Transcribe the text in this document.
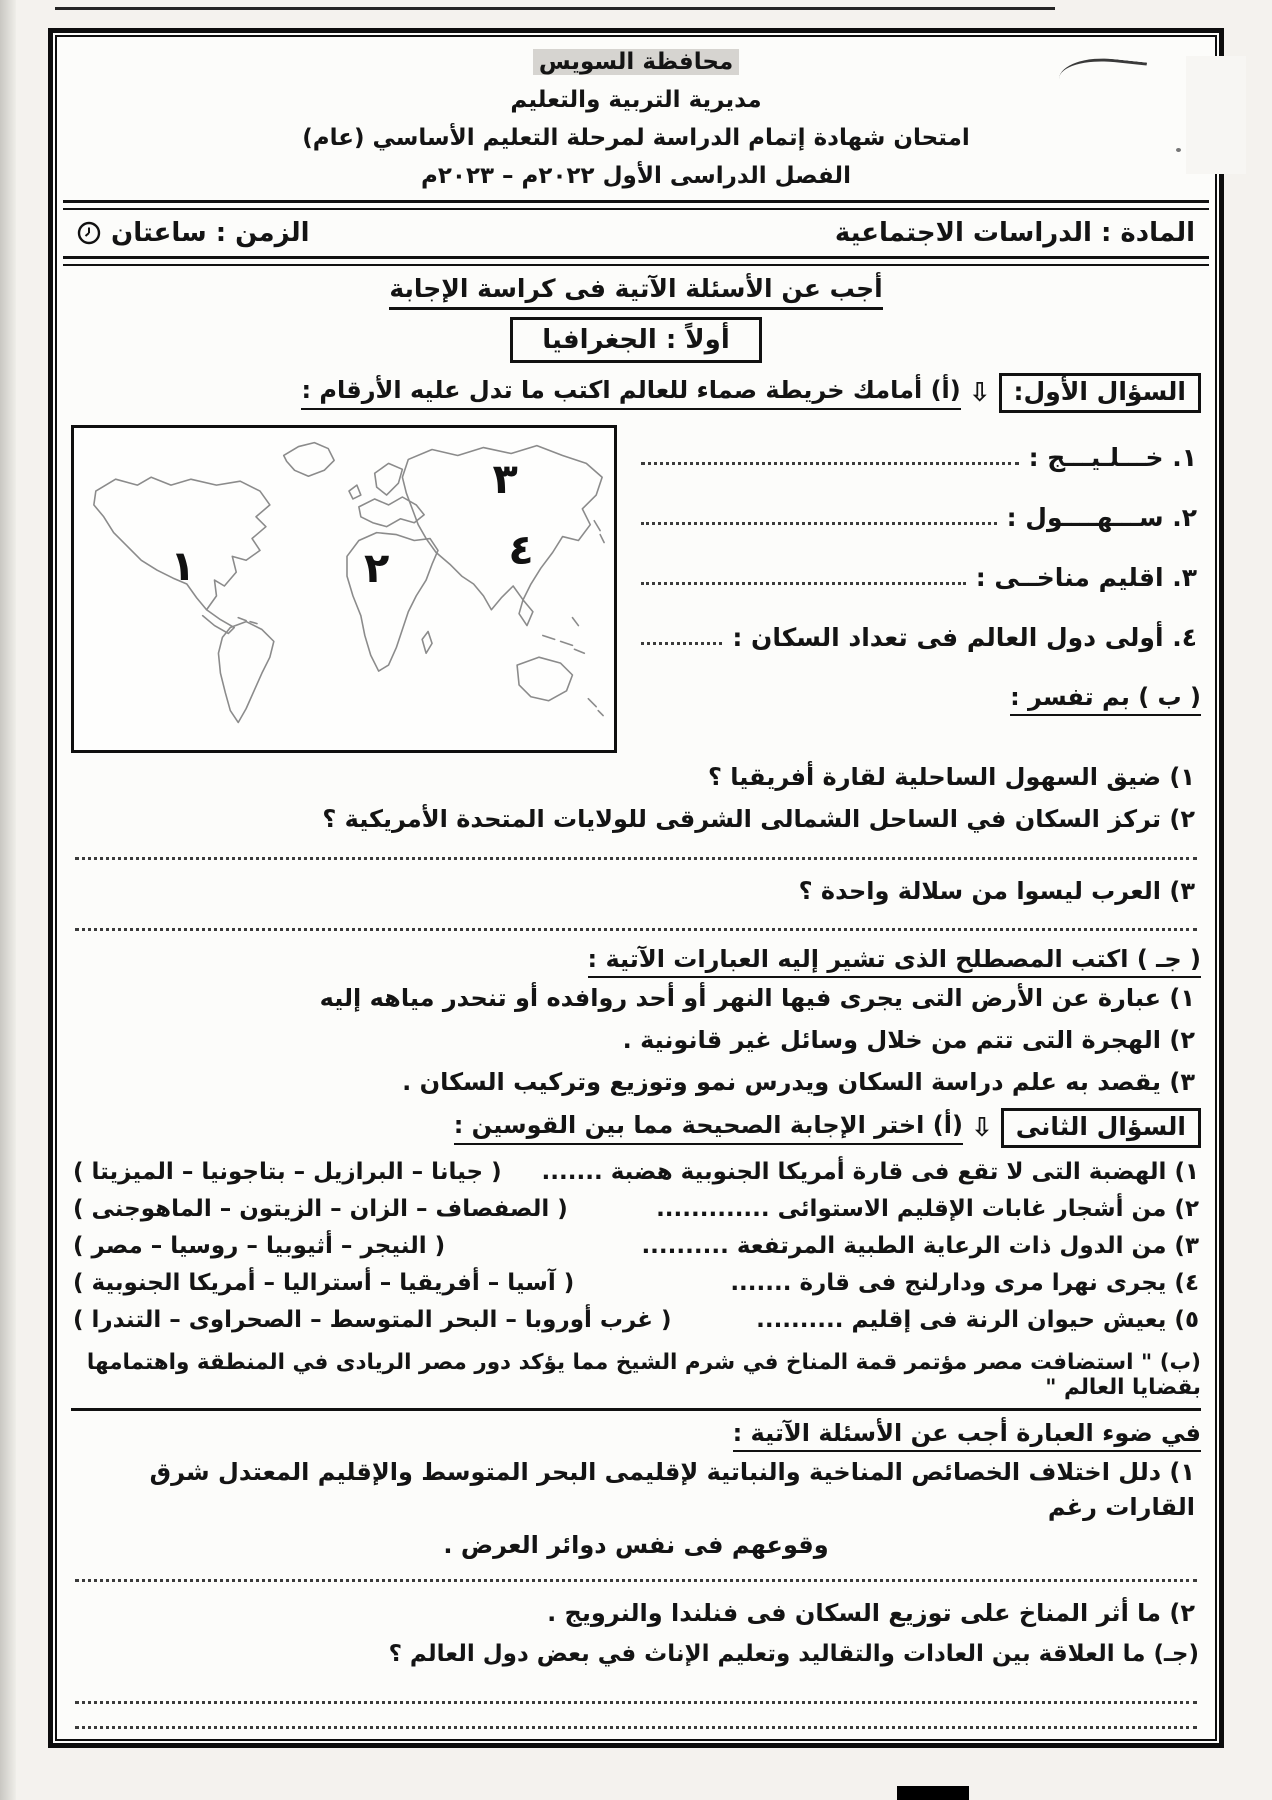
محافظة السويس
مديرية التربية والتعليم
امتحان شهادة إتمام الدراسة لمرحلة التعليم الأساسي (عام)
الفصل الدراسى الأول ٢٠٢٢م – ٢٠٢٣م
المادة : الدراسات الاجتماعية
الزمن : ساعتان
أجب عن الأسئلة الآتية فى كراسة الإجابة
أولاً : الجغرافيا
السؤال الأول:
⇩
(أ) أمامك خريطة صماء للعالم اكتب ما تدل عليه الأرقام :
١. خـــلـيـــج :
٢. ســـهــــول :
٣. اقليم مناخــى :
٤. أولى دول العالم فى تعداد السكان :
( ب ) بم تفسر :
١	٢
٣
٤
١) ضيق السهول الساحلية لقارة أفريقيا ؟
٢) تركز السكان في الساحل الشمالى الشرقى للولايات المتحدة الأمريكية ؟
٣) العرب ليسوا من سلالة واحدة ؟
( جـ ) اكتب المصطلح الذى تشير إليه العبارات الآتية :
١) عبارة عن الأرض التى يجرى فيها النهر أو أحد روافده أو تنحدر مياهه إليه
٢) الهجرة التى تتم من خلال وسائل غير قانونية .
٣) يقصد به علم دراسة السكان ويدرس نمو وتوزيع وتركيب السكان .
السؤال الثانى
⇩
(أ) اختر الإجابة الصحيحة مما بين القوسين :
١) الهضبة التى لا تقع فى قارة أمريكا الجنوبية هضبة .......
( جيانا – البرازيل – بتاجونيا – الميزيتا )
٢) من أشجار غابات الإقليم الاستوائى .............
( الصفصاف – الزان – الزيتون – الماهوجنى )
٣) من الدول ذات الرعاية الطبية المرتفعة ..........
( النيجر – أثيوبيا – روسيا – مصر )
٤) يجرى نهرا مرى ودارلنج فى قارة .......
( آسيا – أفريقيا – أستراليا – أمريكا الجنوبية )
٥) يعيش حيوان الرنة فى إقليم ..........
( غرب أوروبا – البحر المتوسط – الصحراوى – التندرا )
(ب) " استضافت مصر مؤتمر قمة المناخ في شرم الشيخ مما يؤكد دور مصر الريادى في المنطقة واهتمامها بقضايا العالم "
في ضوء العبارة أجب عن الأسئلة الآتية :
١) دلل اختلاف الخصائص المناخية والنباتية لإقليمى البحر المتوسط والإقليم المعتدل شرق القارات رغم
وقوعهم فى نفس دوائر العرض .
٢) ما أثر المناخ على توزيع السكان فى فنلندا والنرويج .
(جـ) ما العلاقة بين العادات والتقاليد وتعليم الإناث في بعض دول العالم ؟
